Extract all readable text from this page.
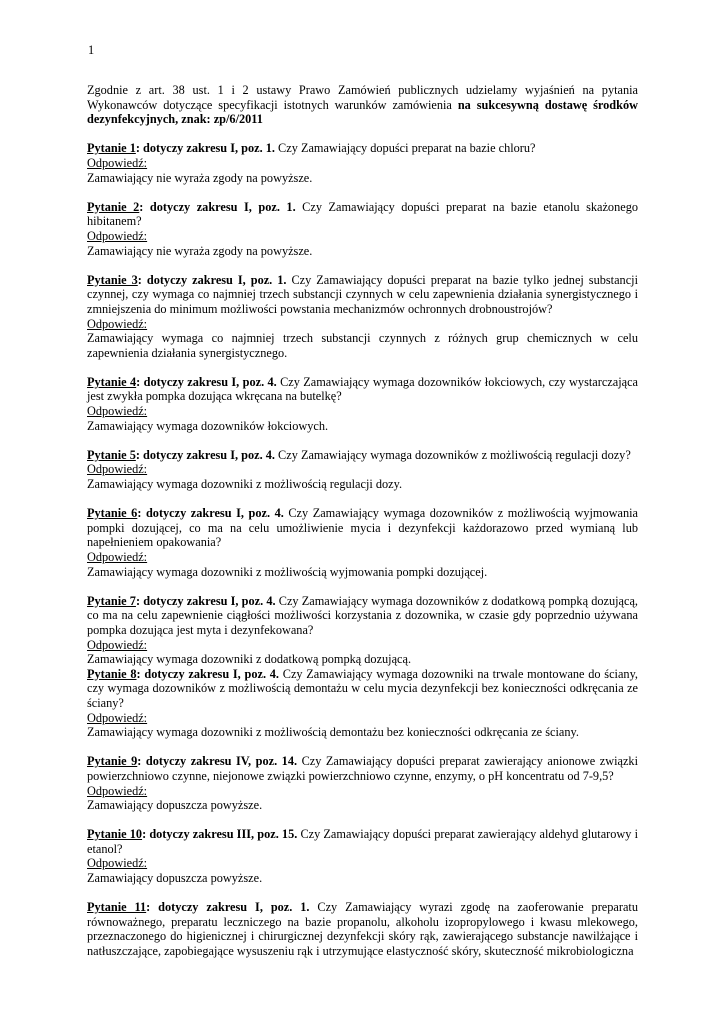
1

Zgodnie z art. 38 ust. 1 i 2 ustawy Prawo Zamówień publicznych udzielamy wyjaśnień na pytania Wykonawców dotyczące specyfikacji istotnych warunków zamówienia na sukcesywną dostawę środków dezynfekcyjnych, znak: zp/6/2011

Pytanie 1: dotyczy zakresu I, poz. 1. Czy Zamawiający dopuści preparat na bazie chloru?

Odpowiedź:

Zamawiający nie wyraża zgody na powyższe.

Pytanie 2: dotyczy zakresu I, poz. 1. Czy Zamawiający dopuści preparat na bazie etanolu skażonego hibitanem?

Odpowiedź:

Zamawiający nie wyraża zgody na powyższe.

Pytanie 3: dotyczy zakresu I, poz. 1. Czy Zamawiający dopuści preparat na bazie tylko jednej substancji czynnej, czy wymaga co najmniej trzech substancji czynnych w celu zapewnienia działania synergistycznego i zmniejszenia do minimum możliwości powstania mechanizmów ochronnych drobnoustrojów?

Odpowiedź:

Zamawiający wymaga co najmniej trzech substancji czynnych z różnych grup chemicznych w celu zapewnienia działania synergistycznego.

Pytanie 4: dotyczy zakresu I, poz. 4. Czy Zamawiający wymaga dozowników łokciowych, czy wystarczająca jest zwykła pompka dozująca wkręcana na butelkę?

Odpowiedź:

Zamawiający wymaga dozowników łokciowych.

Pytanie 5: dotyczy zakresu I, poz. 4. Czy Zamawiający wymaga dozowników z możliwością regulacji dozy?

Odpowiedź:

Zamawiający wymaga dozowniki z możliwością regulacji dozy.

Pytanie 6: dotyczy zakresu I, poz. 4. Czy Zamawiający wymaga dozowników z możliwością wyjmowania pompki dozującej, co ma na celu umożliwienie mycia i dezynfekcji każdorazowo przed wymianą lub napełnieniem opakowania?

Odpowiedź:

Zamawiający wymaga dozowniki z możliwością wyjmowania pompki dozującej.

Pytanie 7: dotyczy zakresu I, poz. 4. Czy Zamawiający wymaga dozowników z dodatkową pompką dozującą, co ma na celu zapewnienie ciągłości możliwości korzystania z dozownika, w czasie gdy poprzednio używana pompka dozująca jest myta i dezynfekowana?

Odpowiedź:

Zamawiający wymaga dozowniki z dodatkową pompką dozującą.

Pytanie 8: dotyczy zakresu I, poz. 4. Czy Zamawiający wymaga dozowniki na trwale montowane do ściany, czy wymaga dozowników z możliwością demontażu w celu mycia dezynfekcji bez konieczności odkręcania ze ściany?

Odpowiedź:

Zamawiający wymaga dozowniki z możliwością demontażu bez konieczności odkręcania ze ściany.

Pytanie 9: dotyczy zakresu IV, poz. 14. Czy Zamawiający dopuści preparat zawierający anionowe związki powierzchniowo czynne, niejonowe związki powierzchniowo czynne, enzymy, o pH koncentratu od 7-9,5?

Odpowiedź:

Zamawiający dopuszcza powyższe.

Pytanie 10: dotyczy zakresu III, poz. 15. Czy Zamawiający dopuści preparat zawierający aldehyd glutarowy i etanol?

Odpowiedź:

Zamawiający dopuszcza powyższe.

Pytanie 11: dotyczy zakresu I, poz. 1. Czy Zamawiający wyrazi zgodę na zaoferowanie preparatu równoważnego, preparatu leczniczego na bazie propanolu, alkoholu izopropylowego i kwasu mlekowego, przeznaczonego do higienicznej i chirurgicznej dezynfekcji skóry rąk, zawierającego substancje nawilżające i natłuszczające, zapobiegające wysuszeniu rąk i utrzymujące elastyczność skóry, skuteczność mikrobiologiczna
